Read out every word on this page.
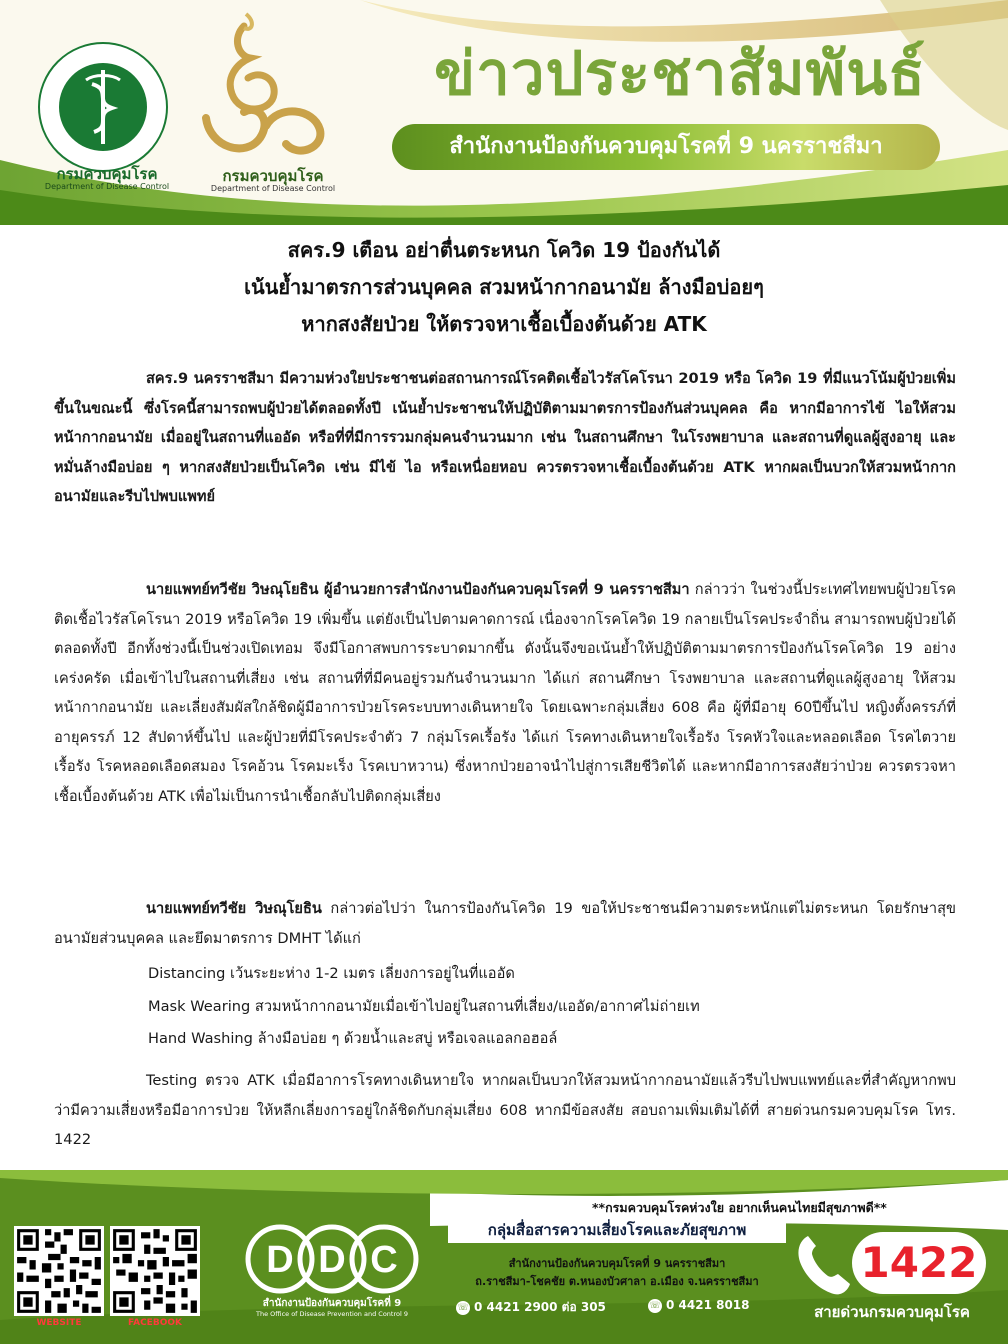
กรมควบคุมโรค
Department of Disease Control
กรมควบคุมโรค
Department of Disease Control
ข่าวประชาสัมพันธ์
สำนักงานป้องกันควบคุมโรคที่ 9 นครราชสีมา
สคร.9 เตือน อย่าตื่นตระหนก โควิด 19 ป้องกันได้
เน้นย้ำมาตรการส่วนบุคคล สวมหน้ากากอนามัย ล้างมือบ่อยๆ
หากสงสัยป่วย ให้ตรวจหาเชื้อเบื้องต้นด้วย ATK
สคร.9 นครราชสีมา มีความห่วงใยประชาชนต่อสถานการณ์โรคติดเชื้อไวรัสโคโรนา 2019 หรือ โควิด 19 ที่มีแนวโน้มผู้ป่วยเพิ่มขึ้นในขณะนี้ ซึ่งโรคนี้สามารถพบผู้ป่วยได้ตลอดทั้งปี เน้นย้ำประชาชนให้ปฏิบัติตามมาตรการป้องกันส่วนบุคคล คือ หากมีอาการไข้ ไอให้สวมหน้ากากอนามัย เมื่ออยู่ในสถานที่แออัด หรือที่ที่มีการรวมกลุ่มคนจำนวนมาก เช่น ในสถานศึกษา ในโรงพยาบาล และสถานที่ดูแลผู้สูงอายุ และหมั่นล้างมือบ่อย ๆ หากสงสัยป่วยเป็นโควิด เช่น มีไข้ ไอ หรือเหนื่อยหอบ ควรตรวจหาเชื้อเบื้องต้นด้วย ATK หากผลเป็นบวกให้สวมหน้ากากอนามัยและรีบไปพบแพทย์
นายแพทย์ทวีชัย วิษณุโยธิน ผู้อำนวยการสำนักงานป้องกันควบคุมโรคที่ 9 นครราชสีมา กล่าวว่า ในช่วงนี้ประเทศไทยพบผู้ป่วยโรคติดเชื้อไวรัสโคโรนา 2019 หรือโควิด 19 เพิ่มขึ้น แต่ยังเป็นไปตามคาดการณ์ เนื่องจากโรคโควิด 19 กลายเป็นโรคประจำถิ่น สามารถพบผู้ป่วยได้ตลอดทั้งปี อีกทั้งช่วงนี้เป็นช่วงเปิดเทอม จึงมีโอกาสพบการระบาดมากขึ้น ดังนั้นจึงขอเน้นย้ำให้ปฏิบัติตามมาตรการป้องกันโรคโควิด 19 อย่างเคร่งครัด เมื่อเข้าไปในสถานที่เสี่ยง เช่น สถานที่ที่มีคนอยู่รวมกันจำนวนมาก ได้แก่ สถานศึกษา โรงพยาบาล และสถานที่ดูแลผู้สูงอายุ ให้สวมหน้ากากอนามัย และเลี่ยงสัมผัสใกล้ชิดผู้มีอาการป่วยโรคระบบทางเดินหายใจ โดยเฉพาะกลุ่มเสี่ยง 608 คือ ผู้ที่มีอายุ 60ปีขึ้นไป หญิงตั้งครรภ์ที่อายุครรภ์ 12 สัปดาห์ขึ้นไป และผู้ป่วยที่มีโรคประจำตัว 7 กลุ่มโรคเรื้อรัง ได้แก่ โรคทางเดินหายใจเรื้อรัง โรคหัวใจและหลอดเลือด โรคไตวายเรื้อรัง โรคหลอดเลือดสมอง โรคอ้วน โรคมะเร็ง โรคเบาหวาน) ซึ่งหากป่วยอาจนำไปสู่การเสียชีวิตได้ และหากมีอาการสงสัยว่าป่วย ควรตรวจหาเชื้อเบื้องต้นด้วย ATK เพื่อไม่เป็นการนำเชื้อกลับไปติดกลุ่มเสี่ยง
นายแพทย์ทวีชัย วิษณุโยธิน กล่าวต่อไปว่า ในการป้องกันโควิด 19 ขอให้ประชาชนมีความตระหนักแต่ไม่ตระหนก โดยรักษาสุขอนามัยส่วนบุคคล และยึดมาตรการ DMHT ได้แก่
Distancing เว้นระยะห่าง 1-2 เมตร เลี่ยงการอยู่ในที่แออัด
Mask Wearing สวมหน้ากากอนามัยเมื่อเข้าไปอยู่ในสถานที่เสี่ยง/แออัด/อากาศไม่ถ่ายเท
Hand Washing ล้างมือบ่อย ๆ ด้วยน้ำและสบู่ หรือเจลแอลกอฮอล์
Testing ตรวจ ATK เมื่อมีอาการโรคทางเดินหายใจ หากผลเป็นบวกให้สวมหน้ากากอนามัยแล้วรีบไปพบแพทย์และที่สำคัญหากพบว่ามีความเสี่ยงหรือมีอาการป่วย ให้หลีกเลี่ยงการอยู่ใกล้ชิดกับกลุ่มเสี่ยง 608 หากมีข้อสงสัย สอบถามเพิ่มเติมได้ที่ สายด่วนกรมควบคุมโรค โทร. 1422
**กรมควบคุมโรคห่วงใย อยากเห็นคนไทยมีสุขภาพดี**
WEBSITE	FACEBOOK
D D C
สำนักงานป้องกันควบคุมโรคที่ 9
The Office of Disease Prevention and Control 9
กลุ่มสื่อสารความเสี่ยงโรคและภัยสุขภาพ
สำนักงานป้องกันควบคุมโรคที่ 9 นครราชสีมา
ถ.ราชสีมา-โชคชัย ต.หนองบัวศาลา อ.เมือง จ.นครราชสีมา
☏ 0 4421 2900 ต่อ 305	☏ 0 4421 8018
1422
สายด่วนกรมควบคุมโรค
